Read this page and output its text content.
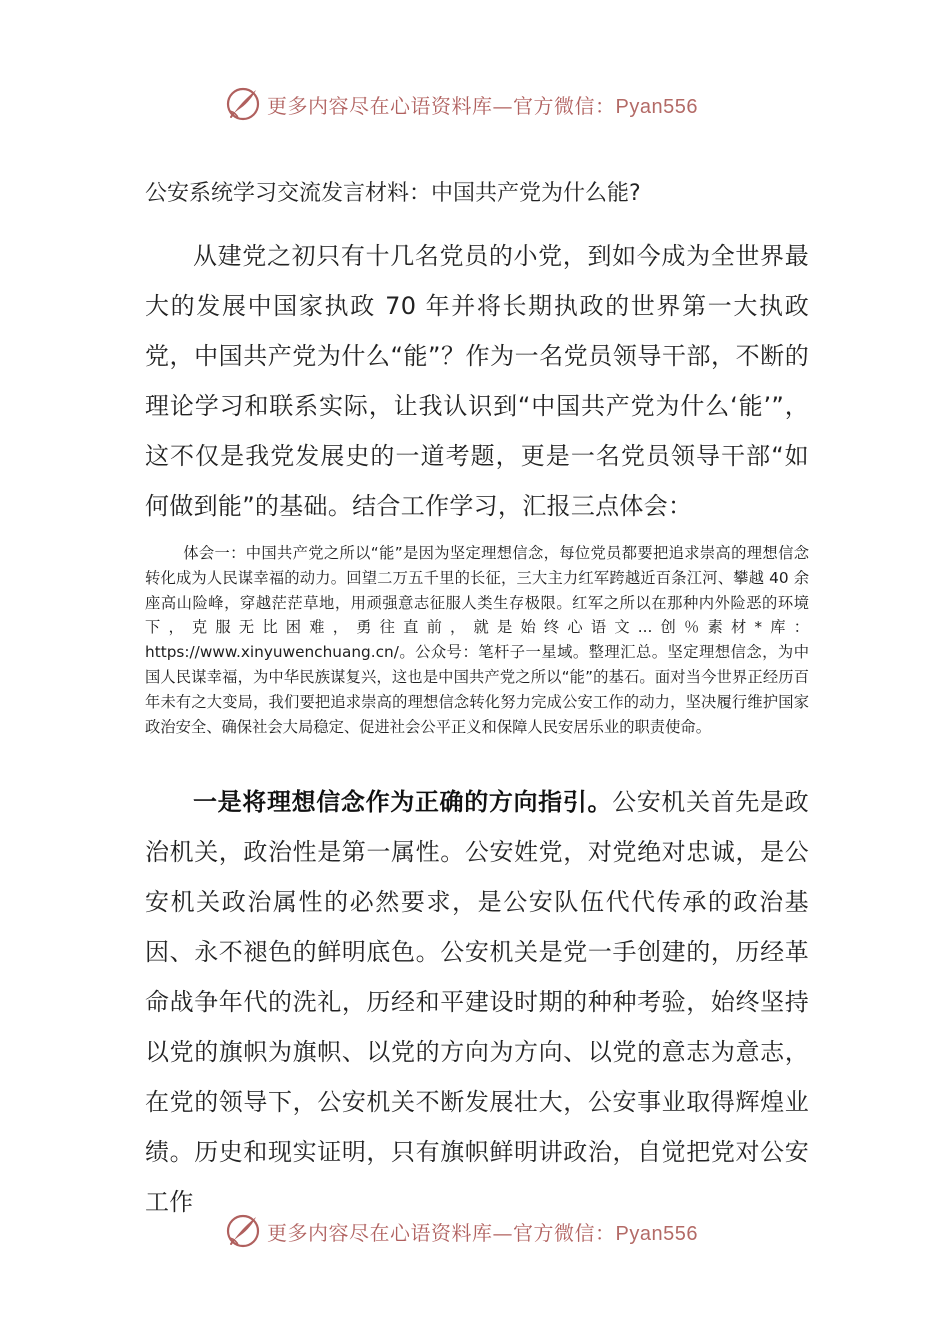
更多内容尽在心语资料库—官方微信：Pyan556
公安系统学习交流发言材料：中国共产党为什么能?

从建党之初只有十几名党员的小党，到如今成为全世界最大的发展中国家执政 70 年并将长期执政的世界第一大执政党，中国共产党为什么“能”？作为一名党员领导干部，不断的理论学习和联系实际，让我认识到“中国共产党为什么‘能’”，这不仅是我党发展史的一道考题，更是一名党员领导干部“如何做到能”的基础。结合工作学习，汇报三点体会：

体会一：中国共产党之所以“能”是因为坚定理想信念，每位党员都要把追求崇高的理想信念转化成为人民谋幸福的动力。回望二万五千里的长征，三大主力红军跨越近百条江河、攀越 40 余座高山险峰，穿越茫茫草地，用顽强意志征服人类生存极限。红军之所以在那种内外险恶的环境下，克服无比困难，勇往直前，就是始终心语文...创％素材*库：https://www.xinyuwenchuang.cn/。公众号：笔杆子一星域。整理汇总。坚定理想信念，为中国人民谋幸福，为中华民族谋复兴，这也是中国共产党之所以“能”的基石。面对当今世界正经历百年未有之大变局，我们要把追求崇高的理想信念转化努力完成公安工作的动力，坚决履行维护国家政治安全、确保社会大局稳定、促进社会公平正义和保障人民安居乐业的职责使命。

一是将理想信念作为正确的方向指引。公安机关首先是政治机关，政治性是第一属性。公安姓党，对党绝对忠诚，是公安机关政治属性的必然要求，是公安队伍代代传承的政治基因、永不褪色的鲜明底色。公安机关是党一手创建的，历经革命战争年代的洗礼，历经和平建设时期的种种考验，始终坚持以党的旗帜为旗帜、以党的方向为方向、以党的意志为意志，在党的领导下，公安机关不断发展壮大，公安事业取得辉煌业绩。历史和现实证明，只有旗帜鲜明讲政治，自觉把党对公安工作

更多内容尽在心语资料库—官方微信：Pyan556
